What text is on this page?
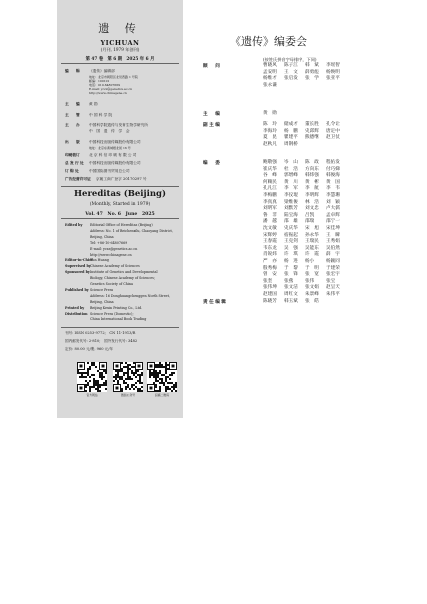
遗 传
YICHUAN
(月刊, 1979 年创刊)
第 47 卷　第 6 期　2025 年 6 月
编　　辑	《遗传》编辑部
地址：北京市朝阳区北辰西路 1 号院
邮编：100101
电话：010-64807669
E-mail: yczz@genetics.ac.cn
http://www.chinagene.cn
主　　编	黄 勋
主　　管	中 国 科 学 院
主　　办	中国科学院遗传与发育生物学研究所
中　国　遗　传　学　会
出　　版	中国科技出版传媒股份有限公司
地址：北京东黄城根北街 16 号
印刷装订	北 京 科 信 印 刷 有 限 公 司
总 发 行 处 中国科技出版传媒股份有限公司
订 购 处	中国国际图书贸易总公司
广告经营许可证 京朝工商广登字 20170297 号
Hereditas (Beijing)
(Monthly, Started in 1979)
Vol. 47　No. 6　June　2025
刊号: ISSN 0253-9772;　CN 11-1913/R
国内邮发代号: 2-810;　国外发行代号: 3482
定价: 80.00 元/册, 960 元/年
官方网站	微信公众号	投稿二维码
Edited by Editorial Office of Hereditas (Beijing)
Address: No. 1 of Beichenxilu, Chaoyang District,
Beijing, China
Tel: +86-10-64807669
E-mail: yczz@genetics.ac.cn
http://www.chinagene.cn
Editor-in-ChiefXun Huang
Supervised byChinese Academy of Sciences
Sponsored byInstitute of Genetics and Developmental
Biology, Chinese Academy of Sciences;
Genetics Society of China
Published byScience Press
Address: 16 Donghuangchenggen North Street,
Beijing, China
Printed by Beijing Kexin Printing Co., Ltd.
Distribution Science Press (Domestic);
China International Book Trading
《遗传》编委会
(按姓氏拼音字母排序，下同)
顾　问	曹晓风 陈子江 韩　斌 李瑶智
孟安明 王　文 薛勇彪 杨焕明
杨维才 张启发 张　学 张亚平
张永谦
主　编	黄　勋
副主编	陈　玲 储成才 董长胜 孔令让
李海玲 杨　鹏 史邱辉 唐定中
夏　昆 瞿建平 熊德继 赵卫仗
赵秋凡 周钢桥
编　委	鲍敬强 岑　山 陈　政 程佑发
崔庆华 杜　浩 方向东 付巧娣
谷　峰 郭增峰 韩炜强 韩俊海
何赖民 黄　川 黄　彬 黄　国
孔凡江 李　军 李　航 李　韦
李梅鹏 李仪琨 李明辉 李慧珊
李真真 梁维俊 林　浩 刘　颖
刘明军 刘默芳 刘文忠 卢大儒
鲁　非 陆宝海 吕凯	孟卓辉
潘　越 邵　雄 邵瑞	邵宁一
沈文敏 史庆华 宋　旭 宋佳坤
宋辉婷 宿振起 孙永华 王　瞬
王春霞 王克剑 王瑞民 王秀娟
韦东龙 吴　强 吴能东 吴伯然
肖锐炜 许　琪 许　霞 薛　宇
严　亦 杨　进 杨小　杨颖同
殷秀梅 于　黎 于　明 于建荣
曾　安 张　锋 张　宽 张宏宇
张奎	张燕	张伟	张宝
张伟坤 张文洁 张文娟 赵呈天
赵建国 周红文 朱景峰 朱伟平
责任编辑	陈晓芳 韩玉斌 张　皓
